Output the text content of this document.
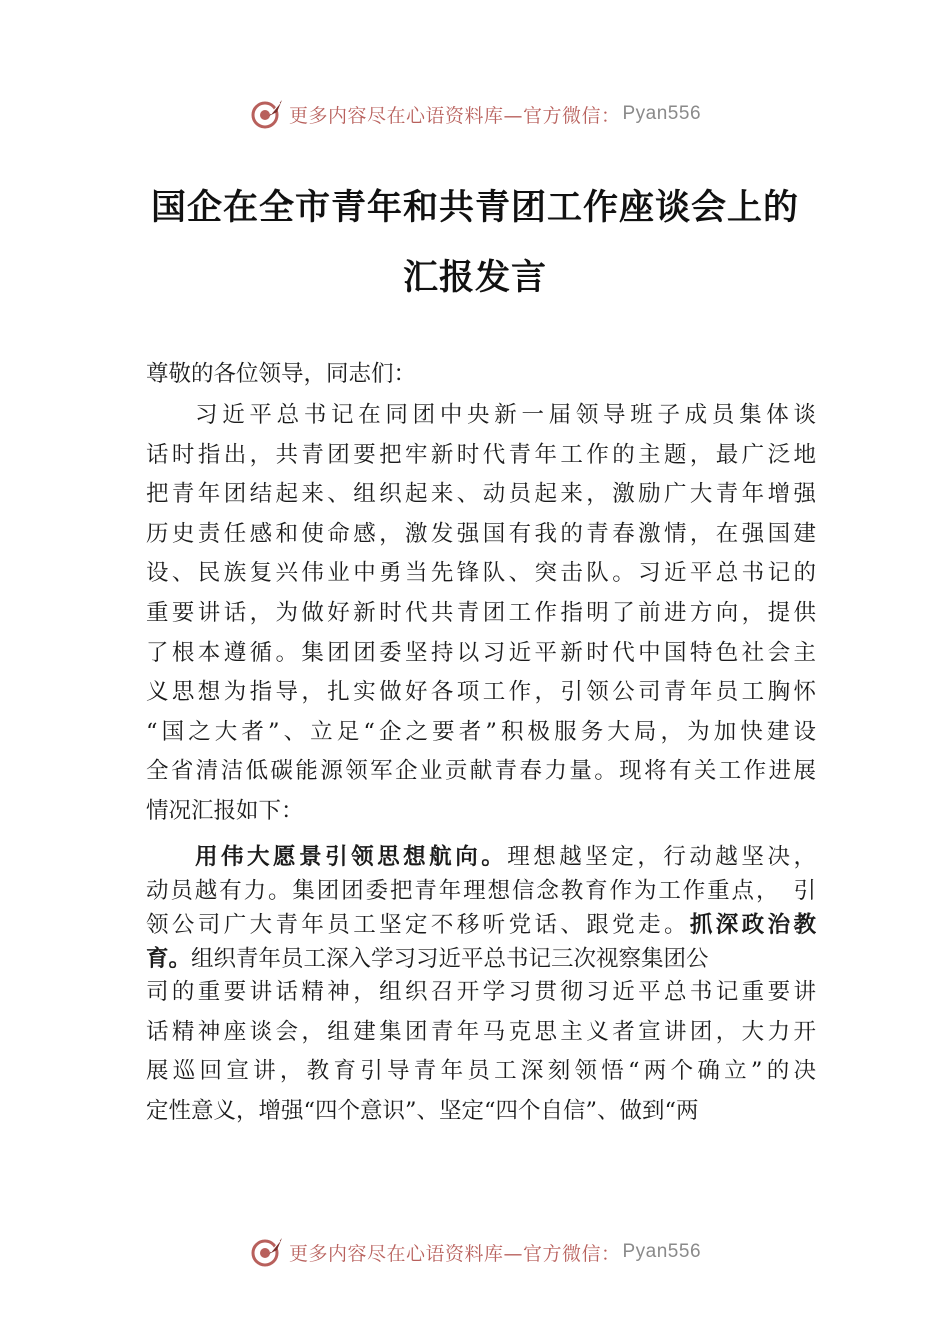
更多内容尽在心语资料库—官方微信： Pyan556
国企在全市青年和共青团工作座谈会上的
汇报发言

尊敬的各位领导，同志们：

习近平总书记在同团中央新一届领导班子成员集体谈
话时指出，共青团要把牢新时代青年工作的主题，最广泛地
把青年团结起来、组织起来、动员起来，激励广大青年增强
历史责任感和使命感，激发强国有我的青春激情，在强国建
设、民族复兴伟业中勇当先锋队、突击队。习近平总书记的
重要讲话，为做好新时代共青团工作指明了前进方向，提供
了根本遵循。集团团委坚持以习近平新时代中国特色社会主
义思想为指导，扎实做好各项工作，引领公司青年员工胸怀
“国之大者”、立足“企之要者”积极服务大局，为加快建设
全省清洁低碳能源领军企业贡献青春力量。现将有关工作进展
情况汇报如下：
用伟大愿景引领思想航向。理想越坚定，行动越坚决，
动员越有力。集团团委把青年理想信念教育作为工作重点，　引
领公司广大青年员工坚定不移听党话、跟党走。抓深政治教
育。组织青年员工深入学习习近平总书记三次视察集团公
司的重要讲话精神，组织召开学习贯彻习近平总书记重要讲
话精神座谈会，组建集团青年马克思主义者宣讲团，大力开
展巡回宣讲，教育引导青年员工深刻领悟“两个确立”的决
定性意义，增强“四个意识”、坚定“四个自信”、做到“两
更多内容尽在心语资料库—官方微信： Pyan556
